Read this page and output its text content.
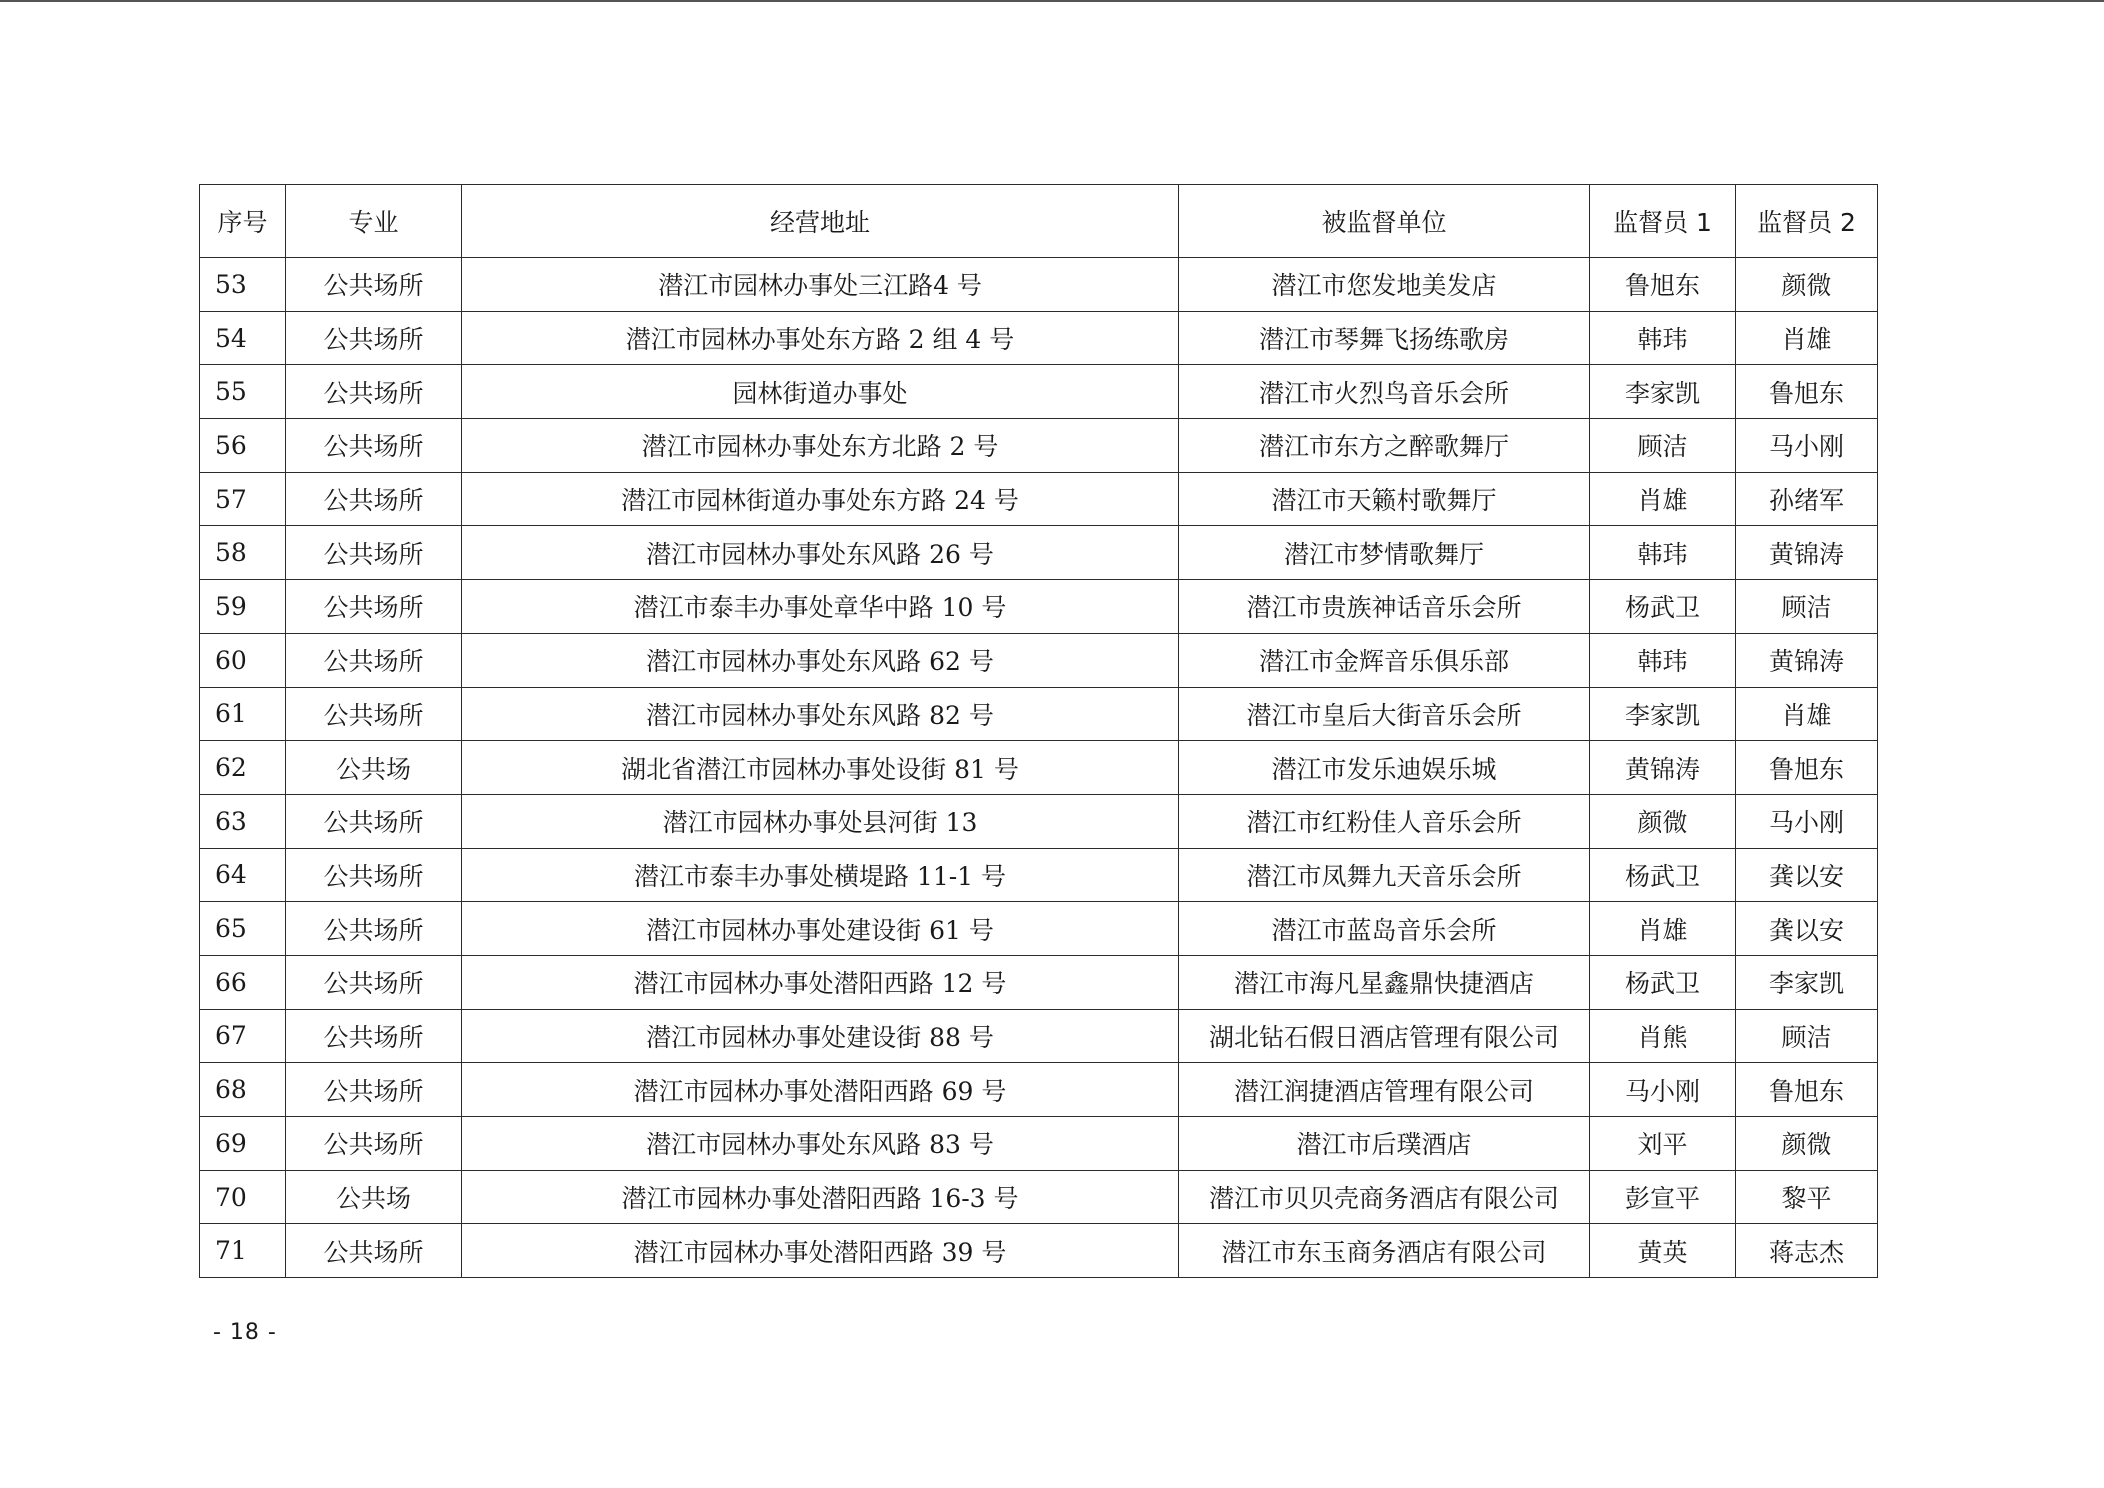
序号	专业	经营地址	被监督单位	监督员 1	监督员 2
53	公共场所	潜江市园林办事处三江路4 号	潜江市您发地美发店	鲁旭东	颜微
54	公共场所	潜江市园林办事处东方路 2 组 4 号	潜江市琴舞飞扬练歌房	韩玮	肖雄
55	公共场所	园林街道办事处	潜江市火烈鸟音乐会所	李家凯	鲁旭东
56	公共场所	潜江市园林办事处东方北路 2 号	潜江市东方之醉歌舞厅	顾洁	马小刚
57	公共场所	潜江市园林街道办事处东方路 24 号	潜江市天籁村歌舞厅	肖雄	孙绪军
58	公共场所	潜江市园林办事处东风路 26 号	潜江市梦情歌舞厅	韩玮	黄锦涛
59	公共场所	潜江市泰丰办事处章华中路 10 号	潜江市贵族神话音乐会所	杨武卫	顾洁
60	公共场所	潜江市园林办事处东风路 62 号	潜江市金辉音乐俱乐部	韩玮	黄锦涛
61	公共场所	潜江市园林办事处东风路 82 号	潜江市皇后大街音乐会所	李家凯	肖雄
62	公共场	湖北省潜江市园林办事处设街 81 号	潜江市发乐迪娱乐城	黄锦涛	鲁旭东
63	公共场所	潜江市园林办事处县河街 13	潜江市红粉佳人音乐会所	颜微	马小刚
64	公共场所	潜江市泰丰办事处横堤路 11-1 号	潜江市凤舞九天音乐会所	杨武卫	龚以安
65	公共场所	潜江市园林办事处建设街 61 号	潜江市蓝岛音乐会所	肖雄	龚以安
66	公共场所	潜江市园林办事处潜阳西路 12 号	潜江市海凡星鑫鼎快捷酒店	杨武卫	李家凯
67	公共场所	潜江市园林办事处建设街 88 号	湖北钻石假日酒店管理有限公司	肖熊	顾洁
68	公共场所	潜江市园林办事处潜阳西路 69 号	潜江润捷酒店管理有限公司	马小刚	鲁旭东
69	公共场所	潜江市园林办事处东风路 83 号	潜江市后璞酒店	刘平	颜微
70	公共场	潜江市园林办事处潜阳西路 16-3 号	潜江市贝贝壳商务酒店有限公司	彭宣平	黎平
71	公共场所	潜江市园林办事处潜阳西路 39 号	潜江市东玉商务酒店有限公司	黄英	蒋志杰
- 18 -
